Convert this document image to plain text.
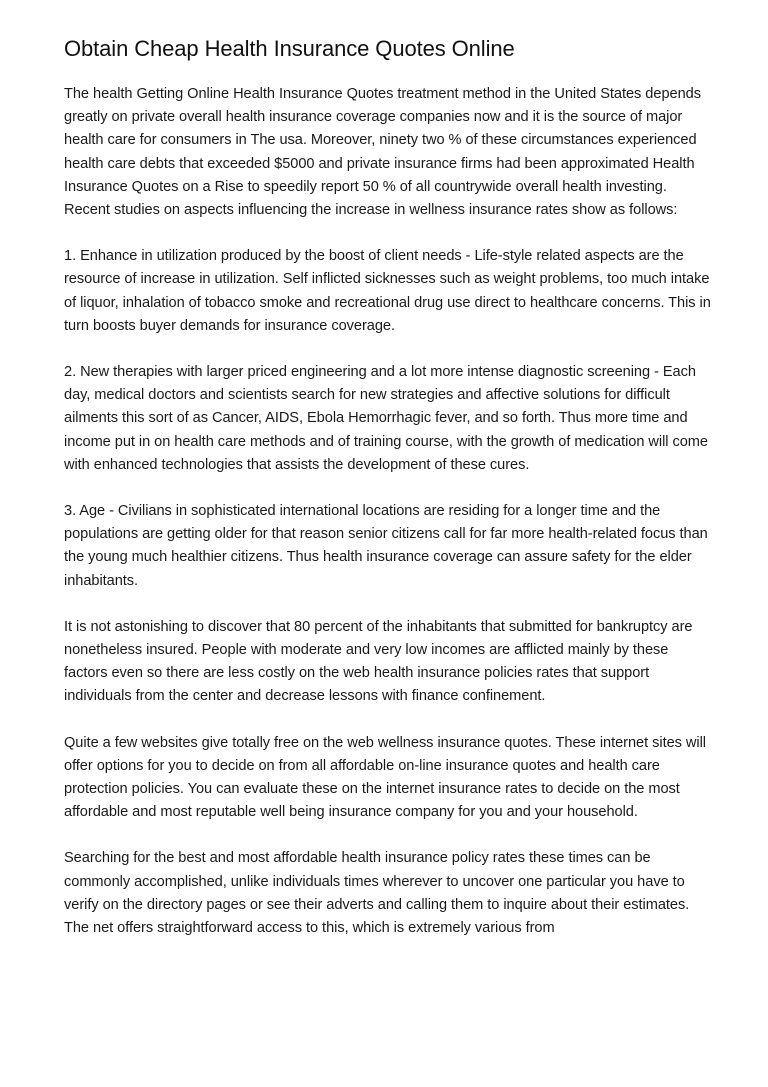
Obtain Cheap Health Insurance Quotes Online

The health Getting Online Health Insurance Quotes treatment method in the United States depends greatly on private overall health insurance coverage companies now and it is the source of major health care for consumers in The usa. Moreover, ninety two % of these circumstances experienced health care debts that exceeded $5000 and private insurance firms had been approximated Health Insurance Quotes on a Rise to speedily report 50 % of all countrywide overall health investing. Recent studies on aspects influencing the increase in wellness insurance rates show as follows:

1. Enhance in utilization produced by the boost of client needs - Life-style related aspects are the resource of increase in utilization. Self inflicted sicknesses such as weight problems, too much intake of liquor, inhalation of tobacco smoke and recreational drug use direct to healthcare concerns. This in turn boosts buyer demands for insurance coverage.

2. New therapies with larger priced engineering and a lot more intense diagnostic screening - Each day, medical doctors and scientists search for new strategies and affective solutions for difficult ailments this sort of as Cancer, AIDS, Ebola Hemorrhagic fever, and so forth. Thus more time and income put in on health care methods and of training course, with the growth of medication will come with enhanced technologies that assists the development of these cures.

3. Age - Civilians in sophisticated international locations are residing for a longer time and the populations are getting older for that reason senior citizens call for far more health-related focus than the young much healthier citizens. Thus health insurance coverage can assure safety for the elder inhabitants.

It is not astonishing to discover that 80 percent of the inhabitants that submitted for bankruptcy are nonetheless insured. People with moderate and very low incomes are afflicted mainly by these factors even so there are less costly on the web health insurance policies rates that support individuals from the center and decrease lessons with finance confinement.

Quite a few websites give totally free on the web wellness insurance quotes. These internet sites will offer options for you to decide on from all affordable on-line insurance quotes and health care protection policies. You can evaluate these on the internet insurance rates to decide on the most affordable and most reputable well being insurance company for you and your household.

Searching for the best and most affordable health insurance policy rates these times can be commonly accomplished, unlike individuals times wherever to uncover one particular you have to verify on the directory pages or see their adverts and calling them to inquire about their estimates. The net offers straightforward access to this, which is extremely various from
